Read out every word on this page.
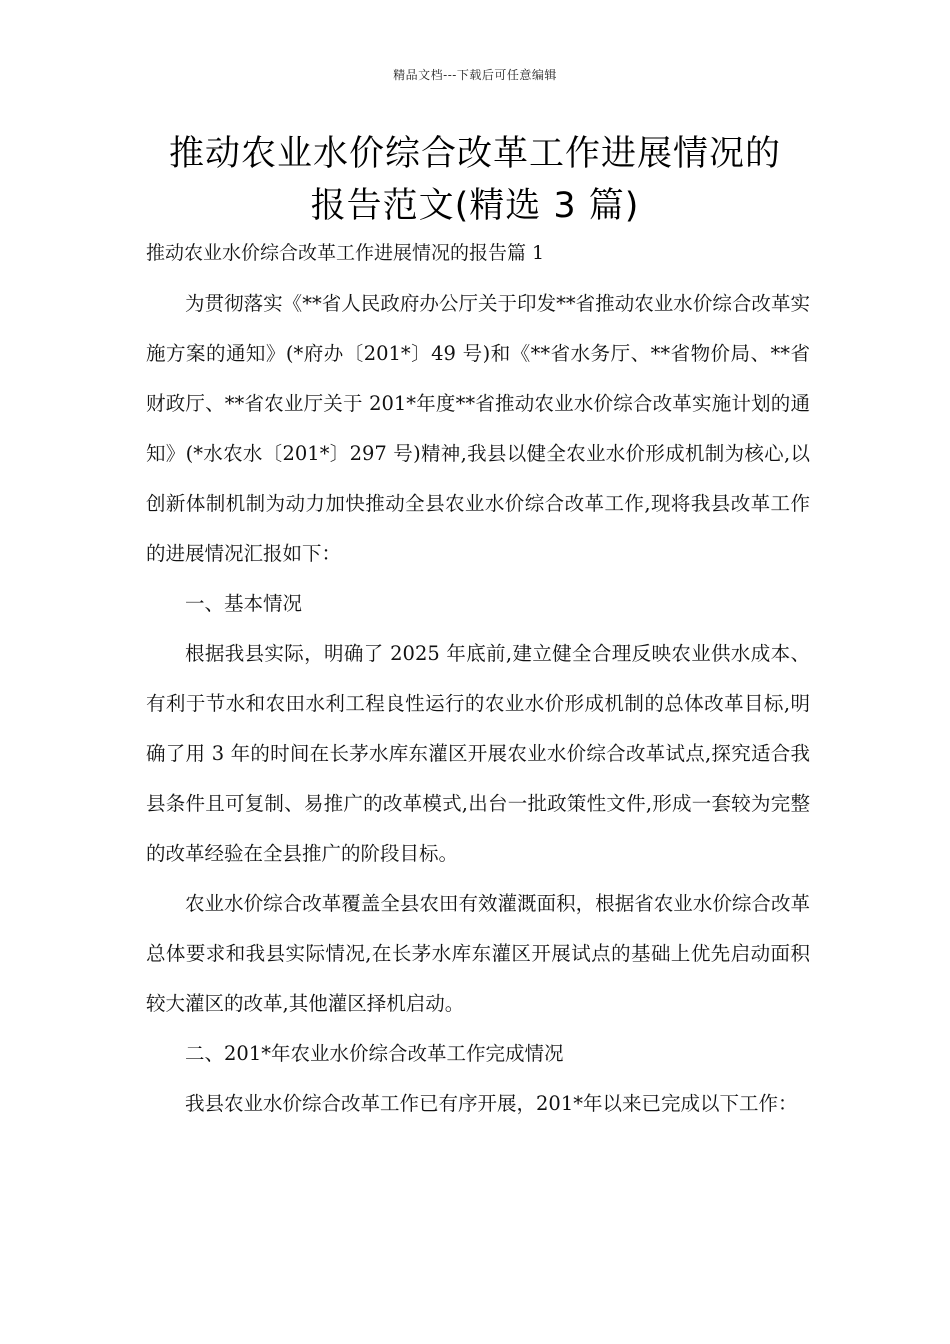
精品文档---下载后可任意编辑
推动农业水价综合改革工作进展情况的
报告范文(精选 3 篇)
推动农业水价综合改革工作进展情况的报告篇 1

为贯彻落实《**省人民政府办公厅关于印发**省推动农业水价综合改革实施方案的通知》(*府办〔201*〕49 号)和《**省水务厅、**省物价局、**省财政厅、**省农业厅关于 201*年度**省推动农业水价综合改革实施计划的通知》(*水农水〔201*〕297 号)精神,我县以健全农业水价形成机制为核心,以创新体制机制为动力加快推动全县农业水价综合改革工作,现将我县改革工作的进展情况汇报如下：

一、基本情况

根据我县实际，明确了 2025 年底前,建立健全合理反映农业供水成本、有利于节水和农田水利工程良性运行的农业水价形成机制的总体改革目标,明确了用 3 年的时间在长茅水库东灌区开展农业水价综合改革试点,探究适合我县条件且可复制、易推广的改革模式,出台一批政策性文件,形成一套较为完整的改革经验在全县推广的阶段目标。

农业水价综合改革覆盖全县农田有效灌溉面积，根据省农业水价综合改革总体要求和我县实际情况,在长茅水库东灌区开展试点的基础上优先启动面积较大灌区的改革,其他灌区择机启动。

二、201*年农业水价综合改革工作完成情况

我县农业水价综合改革工作已有序开展，201*年以来已完成以下工作：
